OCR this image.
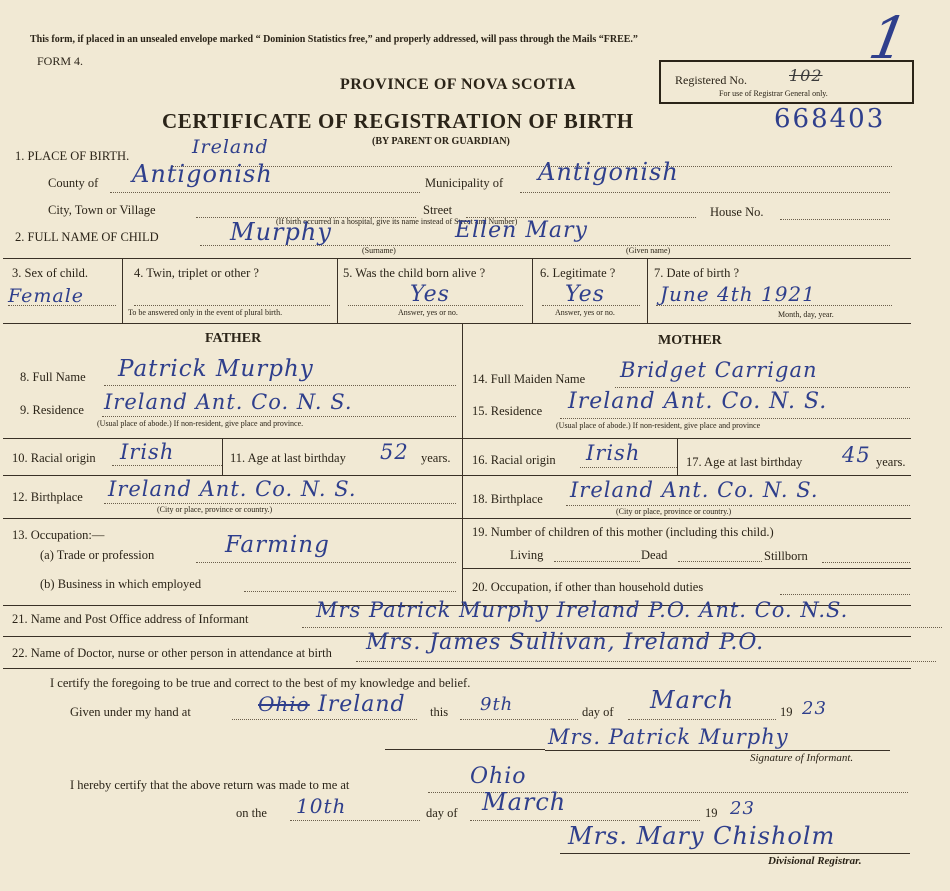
This form, if placed in an unsealed envelope marked “ Dominion Statistics free,” and properly addressed, will pass through the Mails “FREE.”
FORM 4.	1
Registered No.	102
For use of Registrar General only.
PROVINCE OF NOVA SCOTIA
CERTIFICATE OF REGISTRATION OF BIRTH	668403
(BY PARENT OR GUARDIAN)
1. PLACE OF BIRTH.	Ireland
County of Antigonish	Municipality of Antigonish
City, Town or Village	Street	House No.
(If birth occurred in a hospital, give its name instead of Street and Number)
2. FULL NAME OF CHILD	Murphy	Ellen Mary
(Surname)	(Given name)
3. Sex of child.
Female
4. Twin, triplet or other ?
To be answered only in the event of plural birth.
5. Was the child born alive ?
Yes
Answer, yes or no.
6. Legitimate ?
Yes
Answer, yes or no.
7. Date of birth ?
June 4th 1921
Month, day, year.
FATHER	MOTHER
8. Full Name Patrick Murphy
9. Residence Ireland Ant. Co. N. S.
(Usual place of abode.) If non-resident, give place and province.
10. Racial origin Irish	11. Age at last birthday 52 years.
12. Birthplace Ireland Ant. Co. N. S.
(City or place, province or country.)
13. Occupation:—
(a) Trade or profession	Farming
(b) Business in which employed
14. Full Maiden Name Bridget Carrigan
15. Residence Ireland Ant. Co. N. S.
(Usual place of abode.) If non-resident, give place and province
16. Racial origin Irish	17. Age at last birthday 45 years.
18. Birthplace Ireland Ant. Co. N. S.
(City or place, province or country.)
19. Number of children of this mother (including this child.)
Living	Dead	Stillborn
20. Occupation, if other than household duties
21. Name and Post Office address of Informant	Mrs Patrick Murphy Ireland P.O. Ant. Co. N.S.
22. Name of Doctor, nurse or other person in attendance at birth Mrs. James Sullivan, Ireland P.O.
I certify the foregoing to be true and correct to the best of my knowledge and belief.
Given under my hand at	Ohio Ireland this 9th	day of March	19 23
Mrs. Patrick Murphy
Signature of Informant.
I hereby certify that the above return was made to me at	Ohio
on the 10th	day of March	19 23
Mrs. Mary Chisholm
Divisional Registrar.
